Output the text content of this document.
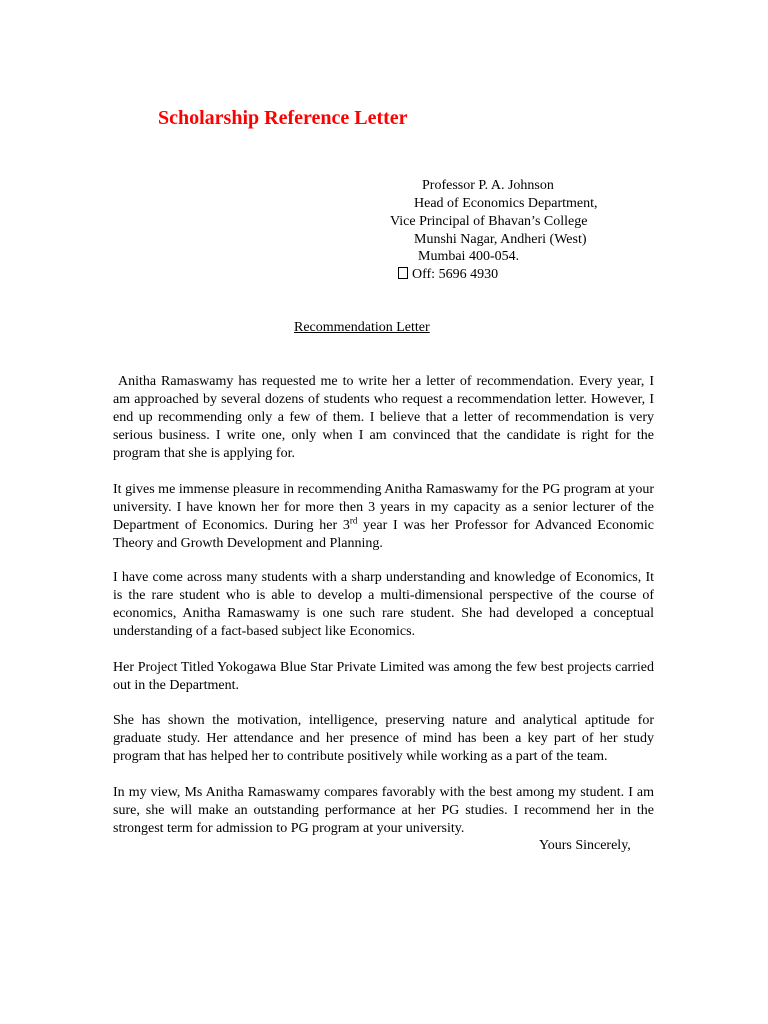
Scholarship Reference Letter
Professor P. A. Johnson
Head of Economics Department,
Vice Principal of Bhavan’s College
Munshi Nagar, Andheri (West)
Mumbai 400-054.
Off: 5696 4930
Recommendation Letter

Anitha Ramaswamy has requested me to write her a letter of recommendation. Every year, I am approached by several dozens of students who request a recommendation letter. However, I end up recommending only a few of them. I believe that a letter of recommendation is very serious business. I write one, only when I am convinced that the candidate is right for the program that she is applying for.

It gives me immense pleasure in recommending Anitha Ramaswamy for the PG program at your university. I have known her for more then 3 years in my capacity as a senior lecturer of the Department of Economics. During her 3rd year I was her Professor for Advanced Economic Theory and Growth Development and Planning.

I have come across many students with a sharp understanding and knowledge of Economics, It is the rare student who is able to develop a multi-dimensional perspective of the course of economics, Anitha Ramaswamy is one such rare student. She had developed a conceptual understanding of a fact-based subject like Economics.

Her Project Titled Yokogawa Blue Star Private Limited was among the few best projects carried out in the Department.

She has shown the motivation, intelligence, preserving nature and analytical aptitude for graduate study. Her attendance and her presence of mind has been a key part of her study program that has helped her to contribute positively while working as a part of the team.

In my view, Ms Anitha Ramaswamy compares favorably with the best among my student. I am sure, she will make an outstanding performance at her PG studies. I recommend her in the strongest term for admission to PG program at your university.

Yours Sincerely,
